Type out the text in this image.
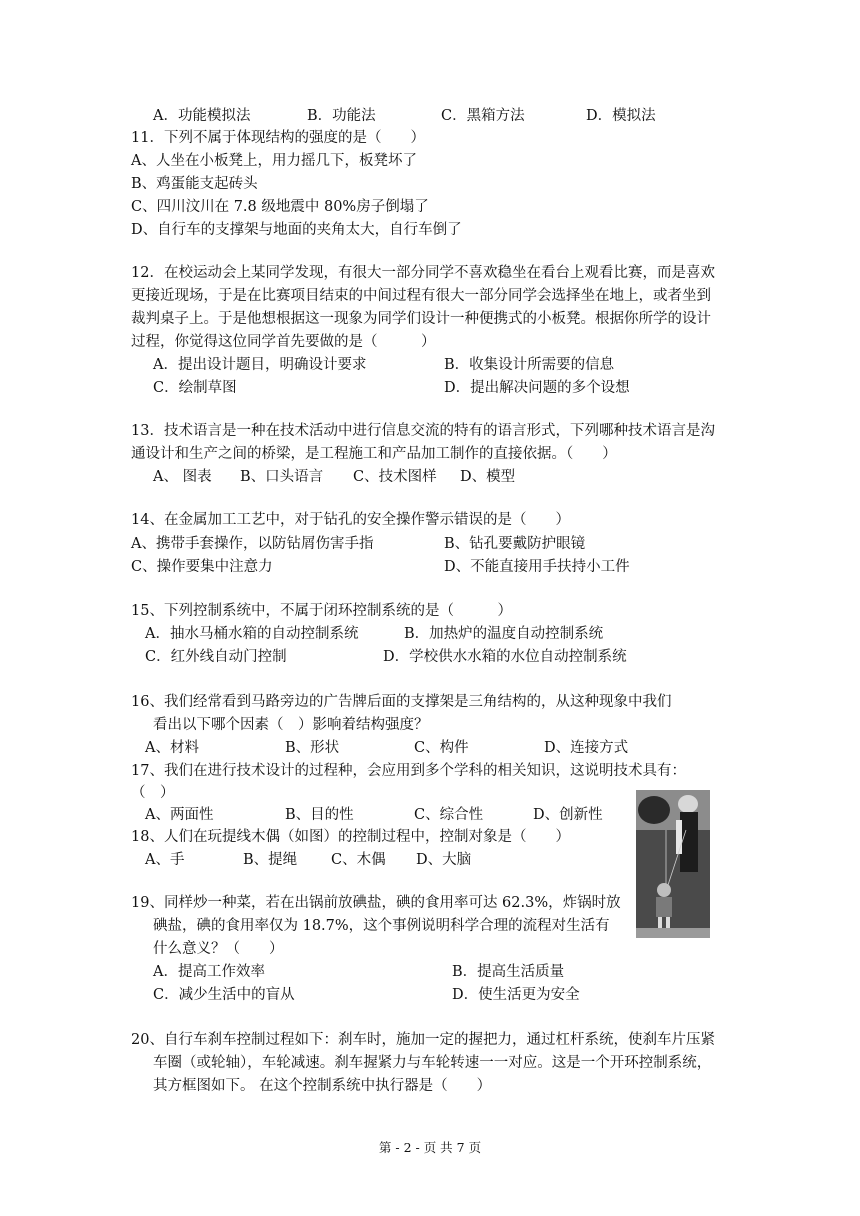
A．功能模拟法	B．功能法	C．黑箱方法	D．模拟法
11．下列不属于体现结构的强度的是（　　）
A、人坐在小板凳上，用力摇几下，板凳坏了
B、鸡蛋能支起砖头
C、四川汶川在 7.8 级地震中 80%房子倒塌了
D、自行车的支撑架与地面的夹角太大，自行车倒了
12．在校运动会上某同学发现，有很大一部分同学不喜欢稳坐在看台上观看比赛，而是喜欢
更接近现场，于是在比赛项目结束的中间过程有很大一部分同学会选择坐在地上，或者坐到
裁判桌子上。于是他想根据这一现象为同学们设计一种便携式的小板凳。根据你所学的设计
过程，你觉得这位同学首先要做的是（　　　）
A．提出设计题目，明确设计要求	B．收集设计所需要的信息
C．绘制草图	D．提出解决问题的多个设想
13．技术语言是一种在技术活动中进行信息交流的特有的语言形式，下列哪种技术语言是沟
通设计和生产之间的桥梁，是工程施工和产品加工制作的直接依据。（　　）
A、 图表 B、口头语言 C、技术图样 D、模型
14、在金属加工工艺中，对于钻孔的安全操作警示错误的是（　　）
A、携带手套操作，以防钻屑伤害手指	B、钻孔要戴防护眼镜
C、操作要集中注意力	D、不能直接用手扶持小工件
15、下列控制系统中，不属于闭环控制系统的是（　　　）
A．抽水马桶水箱的自动控制系统	B．加热炉的温度自动控制系统
C．红外线自动门控制	D．学校供水水箱的水位自动控制系统
16、我们经常看到马路旁边的广告牌后面的支撑架是三角结构的，从这种现象中我们
看出以下哪个因素（　）影响着结构强度？
A、材料	B、形状	C、构件	D、连接方式
17、我们在进行技术设计的过程种，会应用到多个学科的相关知识，这说明技术具有：
（　）
A、两面性	B、目的性	C、综合性	D、创新性
18、人们在玩提线木偶（如图）的控制过程中，控制对象是（　　）
A、手	B、提绳 C、木偶 D、大脑
19、同样炒一种菜，若在出锅前放碘盐，碘的食用率可达 62.3%，炸锅时放
碘盐，碘的食用率仅为 18.7%，这个事例说明科学合理的流程对生活有
什么意义？（　　）
A．提高工作效率	B．提高生活质量
C．减少生活中的盲从	D．使生活更为安全
20、自行车刹车控制过程如下：刹车时，施加一定的握把力，通过杠杆系统，使刹车片压紧
车圈（或轮轴），车轮减速。刹车握紧力与车轮转速一一对应。这是一个开环控制系统，
其方框图如下。 在这个控制系统中执行器是（　　）
第 - 2 - 页 共 7 页
